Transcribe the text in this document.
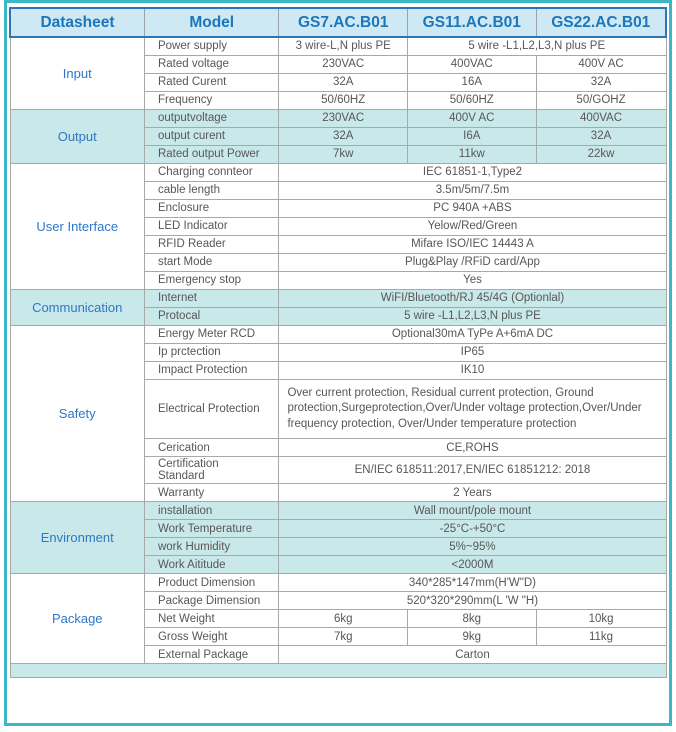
Datasheet	Model	GS7.AC.B01	GS11.AC.B01	GS22.AC.B01
Input	Power supply	3 wire-L,N plus PE	5 wire -L1,L2,L3,N plus PE	
	Rated voltage	230VAC	400VAC	400V AC
	Rated Curent	32A	16A	32A
	Frequency	50/60HZ	50/60HZ	50/GOHZ
Output	outputvoltage	230VAC	400V AC	400VAC
	output curent	32A	I6A	32A
	Rated output Power	7kw	11kw	22kw
User Interface	Charging connteor	IEC 61851-1,Type2		
	cable length	3.5m/5m/7.5m		
	Enclosure	PC 940A +ABS		
	LED Indicator	Yelow/Red/Green		
	RFID Reader	Mifare ISO/IEC 14443 A		
	start Mode	Plug&Play /RFiD card/App		
	Emergency stop	Yes		
Communication	Internet	WiFI/Bluetooth/RJ 45/4G (Optionlal)		
	Protocal	5 wire -L1,L2,L3,N plus PE		
Safety	Energy Meter RCD	Optional30mA TyPe A+6mA DC		
	Ip prctection	IP65		
	Impact Protection	IK10		
	Electrical Protection	Over current protection, Residual current protection, Ground protection,Surgeprotection,Over/Under voltage protection,Over/Under frequency protection, Over/Under temperature protection		
	Cerication	CE,ROHS		
	Certification Standard	EN/IEC 618511:2017,EN/IEC 61851212: 2018		
	Warranty	2 Years		
Environment	installation	Wall mount/pole mount		
	Work Temperature	-25°C-+50°C		
	work Humidity	5%~95%		
	Work Aititude	<2000M		
Package	Product Dimension	340*285*147mm(H'W"D)		
	Package Dimension	520*320*290mm(L 'W "H)		
	Net Weight	6kg	8kg	10kg
	Gross Weight	7kg	9kg	11kg
	External Package	Carton		
